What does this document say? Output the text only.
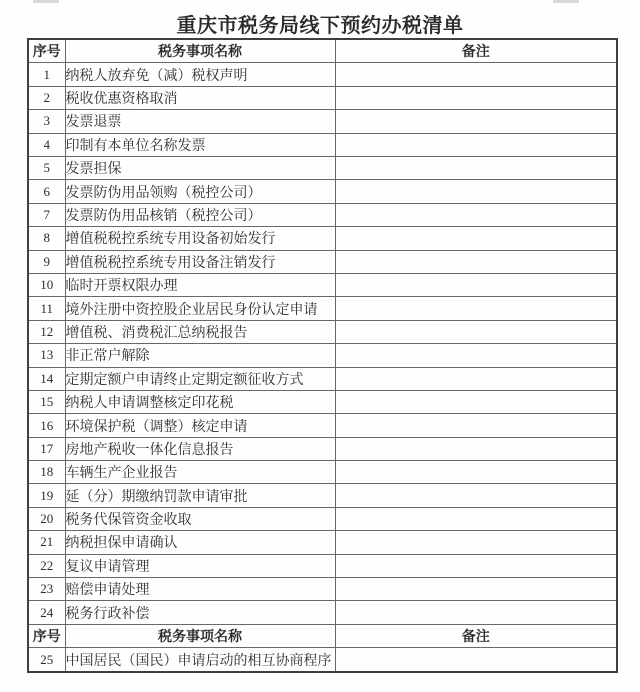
重庆市税务局线下预约办税清单
序号	税务事项名称	备注
1	纳税人放弃免（减）税权声明	
2	税收优惠资格取消	
3	发票退票	
4	印制有本单位名称发票	
5	发票担保	
6	发票防伪用品领购（税控公司）	
7	发票防伪用品核销（税控公司）	
8	增值税税控系统专用设备初始发行	
9	增值税税控系统专用设备注销发行	
10	临时开票权限办理	
11	境外注册中资控股企业居民身份认定申请	
12	增值税、消费税汇总纳税报告	
13	非正常户解除	
14	定期定额户申请终止定期定额征收方式	
15	纳税人申请调整核定印花税	
16	环境保护税（调整）核定申请	
17	房地产税收一体化信息报告	
18	车辆生产企业报告	
19	延（分）期缴纳罚款申请审批	
20	税务代保管资金收取	
21	纳税担保申请确认	
22	复议申请管理	
23	赔偿申请处理	
24	税务行政补偿	
序号	税务事项名称	备注
25	中国居民（国民）申请启动的相互协商程序	
